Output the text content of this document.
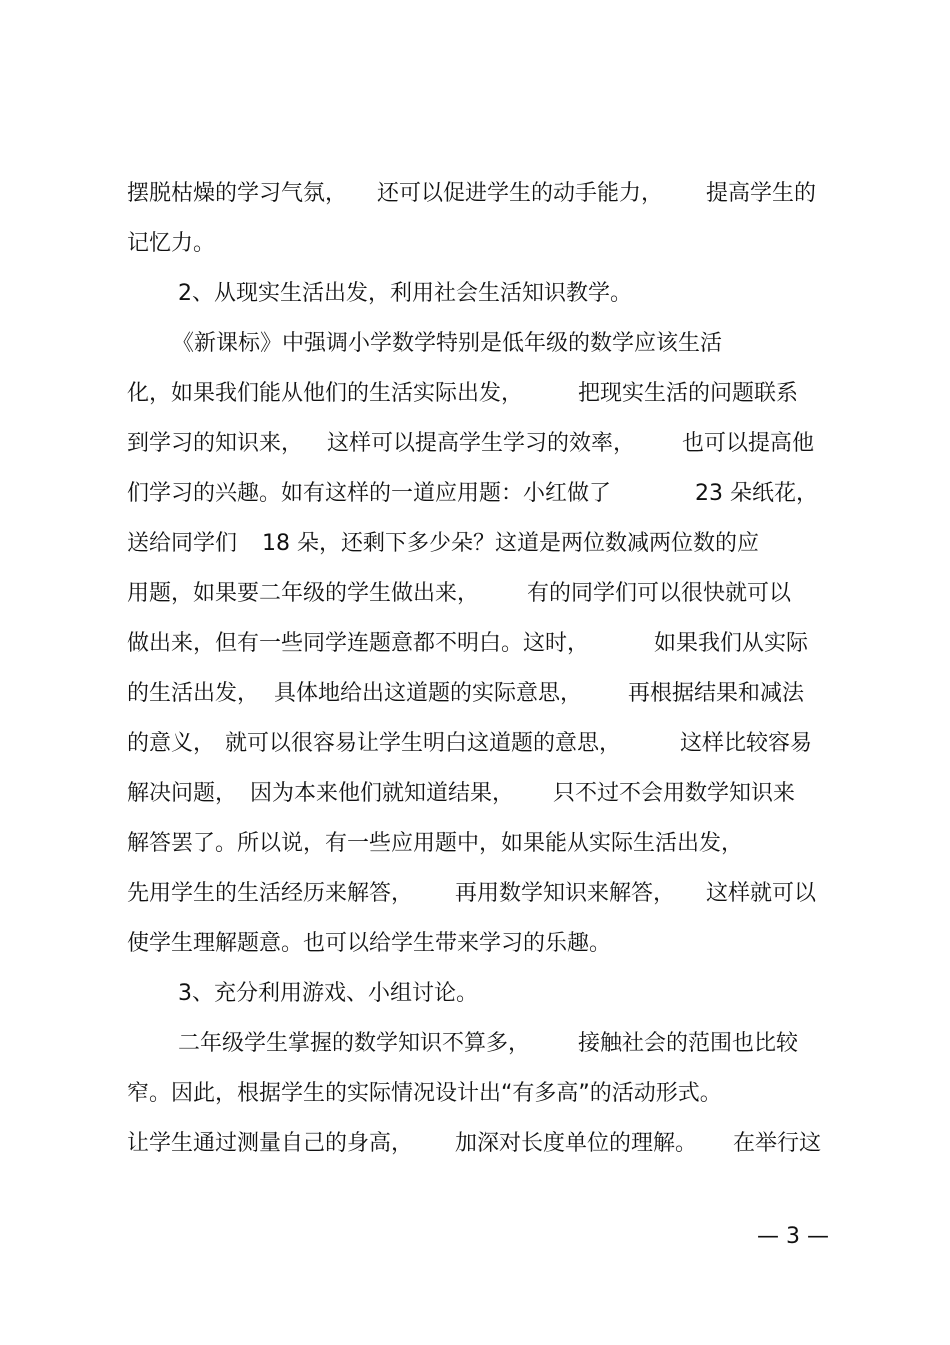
摆脱枯燥的学习气氛， 还可以促进学生的动手能力， 提高学生的
记忆力。
2、从现实生活出发，利用社会生活知识教学。
《新课标》中强调小学数学特别是低年级的数学应该生活
化，如果我们能从他们的生活实际出发， 把现实生活的问题联系
到学习的知识来， 这样可以提高学生学习的效率， 也可以提高他
们学习的兴趣。如有这样的一道应用题：小红做了	23 朵纸花，
送给同学们 18 朵，还剩下多少朵？这道是两位数减两位数的应
用题，如果要二年级的学生做出来， 有的同学们可以很快就可以
做出来，但有一些同学连题意都不明白。这时，	如果我们从实际
的生活出发， 具体地给出这道题的实际意思， 再根据结果和减法
的意义， 就可以很容易让学生明白这道题的意思，	这样比较容易
解决问题， 因为本来他们就知道结果， 只不过不会用数学知识来
解答罢了。所以说，有一些应用题中，如果能从实际生活出发，
先用学生的生活经历来解答， 再用数学知识来解答， 这样就可以
使学生理解题意。也可以给学生带来学习的乐趣。
3、充分利用游戏、小组讨论。
二年级学生掌握的数学知识不算多， 接触社会的范围也比较
窄。因此，根据学生的实际情况设计出“有多高”的活动形式。
让学生通过测量自己的身高， 加深对长度单位的理解。 在举行这
— 3 —
